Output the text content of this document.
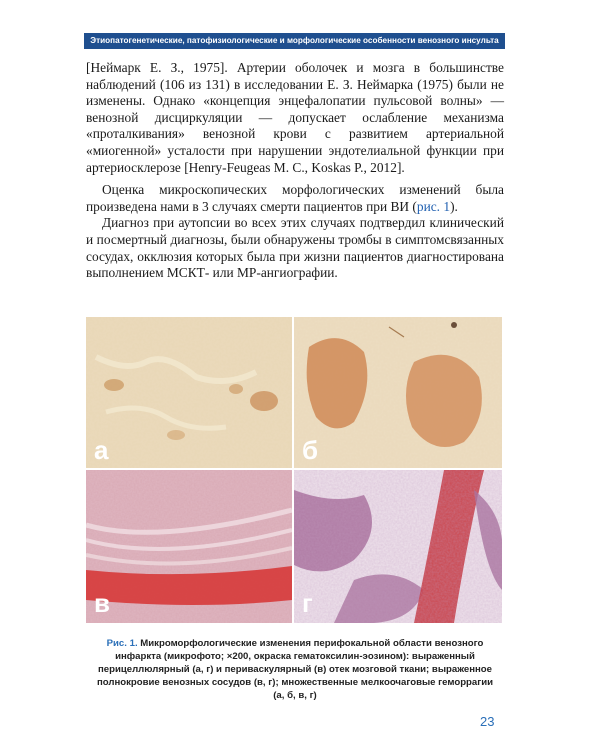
Этиопатогенетические, патофизиологические и морфологические особенности венозного инсульта

[Неймарк Е. З., 1975]. Артерии оболочек и мозга в большинстве наблюдений (106 из 131) в исследовании Е. З. Неймарка (1975) были не изменены. Однако «концепция энцефалопатии пульсовой волны» — венозной дисциркуляции — допускает ослабление механизма «проталкивания» венозной крови с развитием артериальной «миогенной» усталости при нарушении эндотелиальной функции при артериосклерозе [Henry-Feugeas M. C., Koskas P., 2012].

Оценка микроскопических морфологических изменений была произведена нами в 3 случаях смерти пациентов при ВИ (рис. 1).

Диагноз при аутопсии во всех этих случаях подтвердил клинический и посмертный диагнозы, были обнаружены тромбы в симптомсвязанных сосудах, окклюзия которых была при жизни пациентов диагностирована выполнением МСКТ- или МР-ангиографии.

а	б
в	г
Рис. 1. Микроморфологические изменения перифокальной области венозного инфаркта (микрофото; ×200, окраска гематоксилин-эозином): выраженный перицеллюлярный (а, г) и периваскулярный (в) отек мозговой ткани; выраженное полнокровие венозных сосудов (в, г); множественные мелкоочаговые геморрагии (а, б, в, г)
23
